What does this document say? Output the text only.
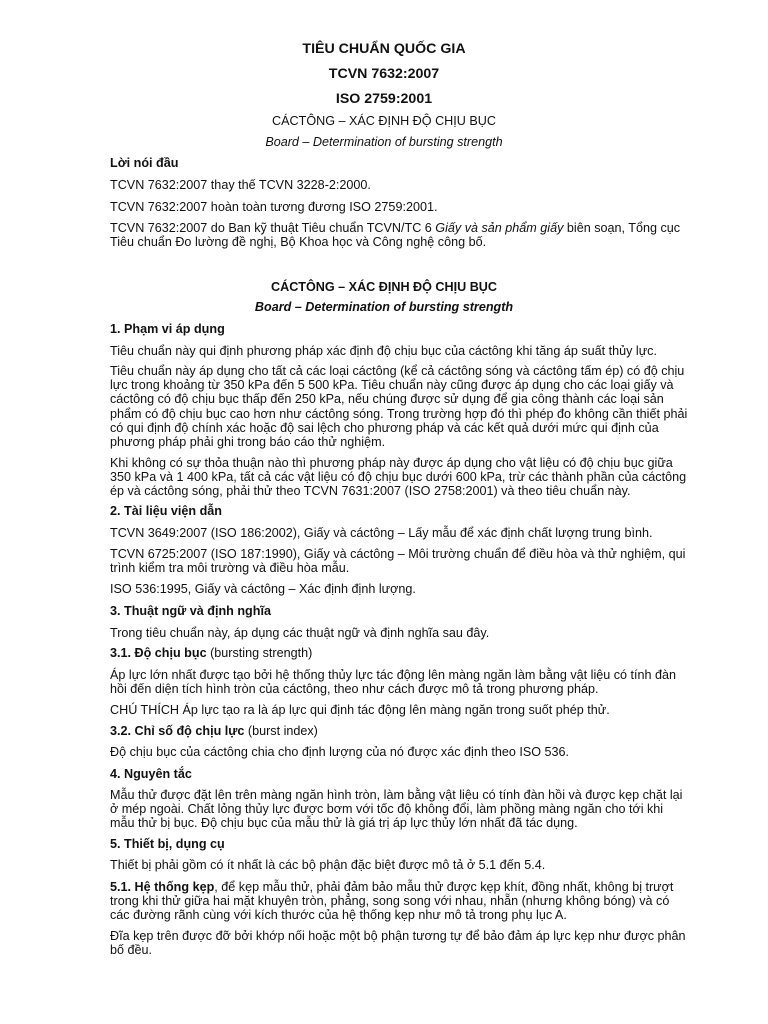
TIÊU CHUẨN QUỐC GIA
TCVN 7632:2007
ISO 2759:2001
CÁCTÔNG – XÁC ĐỊNH ĐỘ CHỊU BỤC
Board – Determination of bursting strength

Lời nói đầu

TCVN 7632:2007 thay thế TCVN 3228-2:2000.

TCVN 7632:2007 hoàn toàn tương đương ISO 2759:2001.

TCVN 7632:2007 do Ban kỹ thuật Tiêu chuẩn TCVN/TC 6 Giấy và sản phẩm giấy biên soạn, Tổng cục Tiêu chuẩn Đo lường đề nghị, Bộ Khoa học và Công nghệ công bố.

CÁCTÔNG – XÁC ĐỊNH ĐỘ CHỊU BỤC
Board – Determination of bursting strength

1. Phạm vi áp dụng

Tiêu chuẩn này qui định phương pháp xác định độ chịu bục của cáctông khi tăng áp suất thủy lực.

Tiêu chuẩn này áp dụng cho tất cả các loại cáctông (kể cả cáctông sóng và cáctông tấm ép) có độ chịu lực trong khoảng từ 350 kPa đến 5 500 kPa. Tiêu chuẩn này cũng được áp dụng cho các loại giấy và cáctông có độ chịu bục thấp đến 250 kPa, nếu chúng được sử dụng để gia công thành các loại sản phẩm có độ chịu bục cao hơn như cáctông sóng. Trong trường hợp đó thì phép đo không cần thiết phải có qui định độ chính xác hoặc độ sai lệch cho phương pháp và các kết quả dưới mức qui định của phương pháp phải ghi trong báo cáo thử nghiệm.

Khi không có sự thỏa thuận nào thì phương pháp này được áp dụng cho vật liệu có độ chịu bục giữa 350 kPa và 1 400 kPa, tất cả các vật liệu có độ chịu bục dưới 600 kPa, trừ các thành phần của cáctông ép và cáctông sóng, phải thử theo TCVN 7631:2007 (ISO 2758:2001) và theo tiêu chuẩn này.

2. Tài liệu viện dẫn

TCVN 3649:2007 (ISO 186:2002), Giấy và cáctông – Lấy mẫu để xác định chất lượng trung bình.

TCVN 6725:2007 (ISO 187:1990), Giấy và cáctông – Môi trường chuẩn để điều hòa và thử nghiệm, qui trình kiểm tra môi trường và điều hòa mẫu.

ISO 536:1995, Giấy và cáctông – Xác định định lượng.

3. Thuật ngữ và định nghĩa

Trong tiêu chuẩn này, áp dụng các thuật ngữ và định nghĩa sau đây.

3.1. Độ chịu bục (bursting strength)

Áp lực lớn nhất được tạo bởi hệ thống thủy lực tác động lên màng ngăn làm bằng vật liệu có tính đàn hồi đến diện tích hình tròn của cáctông, theo như cách được mô tả trong phương pháp.

CHÚ THÍCH Áp lực tạo ra là áp lực qui định tác động lên màng ngăn trong suốt phép thử.

3.2. Chỉ số độ chịu lực (burst index)

Độ chịu bục của cáctông chia cho định lượng của nó được xác định theo ISO 536.

4. Nguyên tắc

Mẫu thử được đặt lên trên màng ngăn hình tròn, làm bằng vật liệu có tính đàn hồi và được kẹp chặt lại ở mép ngoài. Chất lỏng thủy lực được bơm với tốc độ không đổi, làm phồng màng ngăn cho tới khi mẫu thử bị bục. Độ chịu bục của mẫu thử là giá trị áp lực thủy lớn nhất đã tác dụng.

5. Thiết bị, dụng cụ

Thiết bị phải gồm có ít nhất là các bộ phận đặc biệt được mô tả ở 5.1 đến 5.4.

5.1. Hệ thống kẹp, để kẹp mẫu thử, phải đảm bảo mẫu thử được kẹp khít, đồng nhất, không bị trượt trong khi thử giữa hai mặt khuyên tròn, phẳng, song song với nhau, nhẵn (nhưng không bóng) và có các đường rãnh cùng với kích thước của hệ thống kẹp như mô tả trong phụ lục A.

Đĩa kẹp trên được đỡ bởi khớp nối hoặc một bộ phận tương tự để bảo đảm áp lực kẹp như được phân bố đều.
